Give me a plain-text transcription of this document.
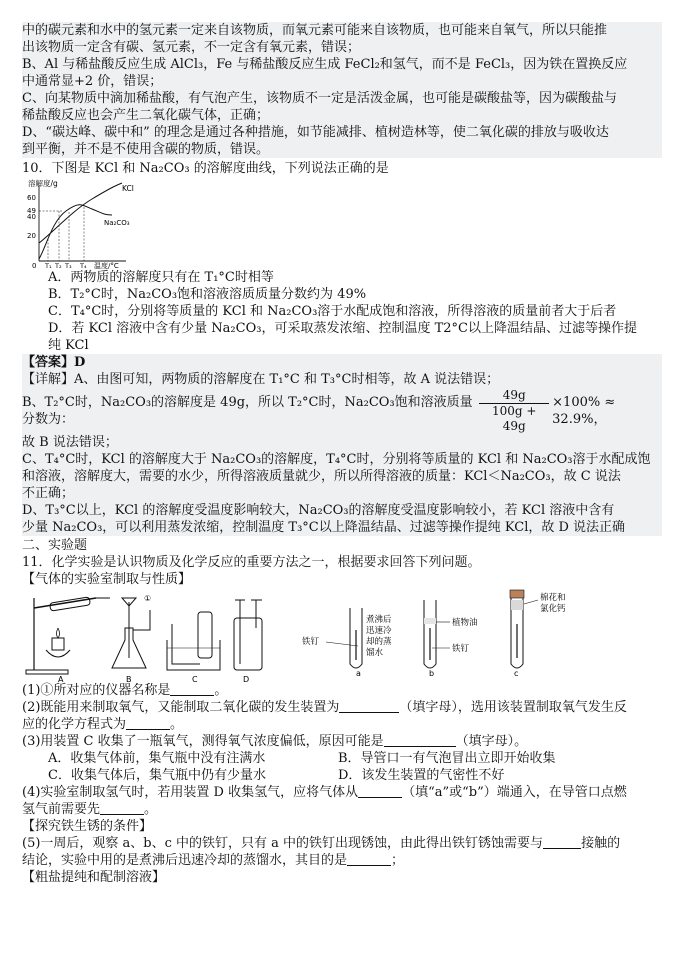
中的碳元素和水中的氢元素一定来自该物质，而氧元素可能来自该物质，也可能来自氧气，所以只能推

出该物质一定含有碳、氢元素，不一定含有氧元素，错误；

B、Al 与稀盐酸反应生成 AlCl₃，Fe 与稀盐酸反应生成 FeCl₂和氢气，而不是 FeCl₃，因为铁在置换反应

中通常显+2 价，错误；

C、向某物质中滴加稀盐酸，有气泡产生，该物质不一定是活泼金属，也可能是碳酸盐等，因为碳酸盐与

稀盐酸反应也会产生二氧化碳气体，正确；

D、“碳达峰、碳中和” 的理念是通过各种措施，如节能减排、植树造林等，使二氧化碳的排放与吸收达

到平衡，并不是不使用含碳的物质，错误。

10．下图是 KCl 和 Na₂CO₃ 的溶解度曲线，下列说法正确的是

溶解度/g
60
40
20
0
49
KCl
Na₂CO₃
T₁ T₂ T₃ T₄ 温度/°C

A．两物质的溶解度只有在 T₁°C时相等

B．T₂°C时，Na₂CO₃饱和溶液溶质质量分数约为 49%

C．T₄°C时，分别将等质量的 KCl 和 Na₂CO₃溶于水配成饱和溶液，所得溶液的质量前者大于后者

D．若 KCl 溶液中含有少量 Na₂CO₃，可采取蒸发浓缩、控制温度 T2°C以上降温结晶、过滤等操作提

纯 KCl

【答案】D

【详解】A、由图可知，两物质的溶解度在 T₁°C 和 T₃°C时相等，故 A 说法错误；

B、T₂°C时，Na₂CO₃的溶解度是 49g，所以 T₂°C时，Na₂CO₃饱和溶液质量分数为：	$\frac{49g}{100g + 49g} \times 100\% \approx 32.9\%$，

故 B 说法错误；

C、T₄°C时，KCl 的溶解度大于 Na₂CO₃的溶解度，T₄°C时，分别将等质量的 KCl 和 Na₂CO₃溶于水配成饱

和溶液，溶解度大，需要的水少，所得溶液质量就少，所以所得溶液的质量：KCl＜Na₂CO₃，故 C 说法

不正确；

D、T₃°C以上，KCl 的溶解度受温度影响较大，Na₂CO₃的溶解度受温度影响较小，若 KCl 溶液中含有

少量 Na₂CO₃，可以利用蒸发浓缩，控制温度 T₃°C以上降温结晶、过滤等操作提纯 KCl，故 D 说法正确

二、实验题

11．化学实验是认识物质及化学反应的重要方法之一，根据要求回答下列问题。

【气体的实验室制取与性质】

A
①
B	C	D
铁钉
a
煮沸后
迅速冷
却的蒸
馏水
植物油
铁钉
b
棉花和
氯化钙
c

(1)①所对应的仪器名称是	。

(2)既能用来制取氧气，又能制取二氧化碳的发生装置为	（填字母），选用该装置制取氧气发生反

应的化学方程式为	。

(3)用装置 C 收集了一瓶氧气，测得氧气浓度偏低，原因可能是	（填字母）。

A．收集气体前，集气瓶中没有注满水	B．导管口一有气泡冒出立即开始收集

C．收集气体后，集气瓶中仍有少量水	D．该发生装置的气密性不好

(4)实验室制取氢气时，若用装置 D 收集氢气，应将气体从	（填“a”或“b”）端通入，在导管口点燃

氢气前需要先	。

【探究铁生锈的条件】

(5)一周后，观察 a、b、c 中的铁钉，只有 a 中的铁钉出现锈蚀，由此得出铁钉锈蚀需要与	接触的

结论，实验中用的是煮沸后迅速冷却的蒸馏水，其目的是	；

【粗盐提纯和配制溶液】
